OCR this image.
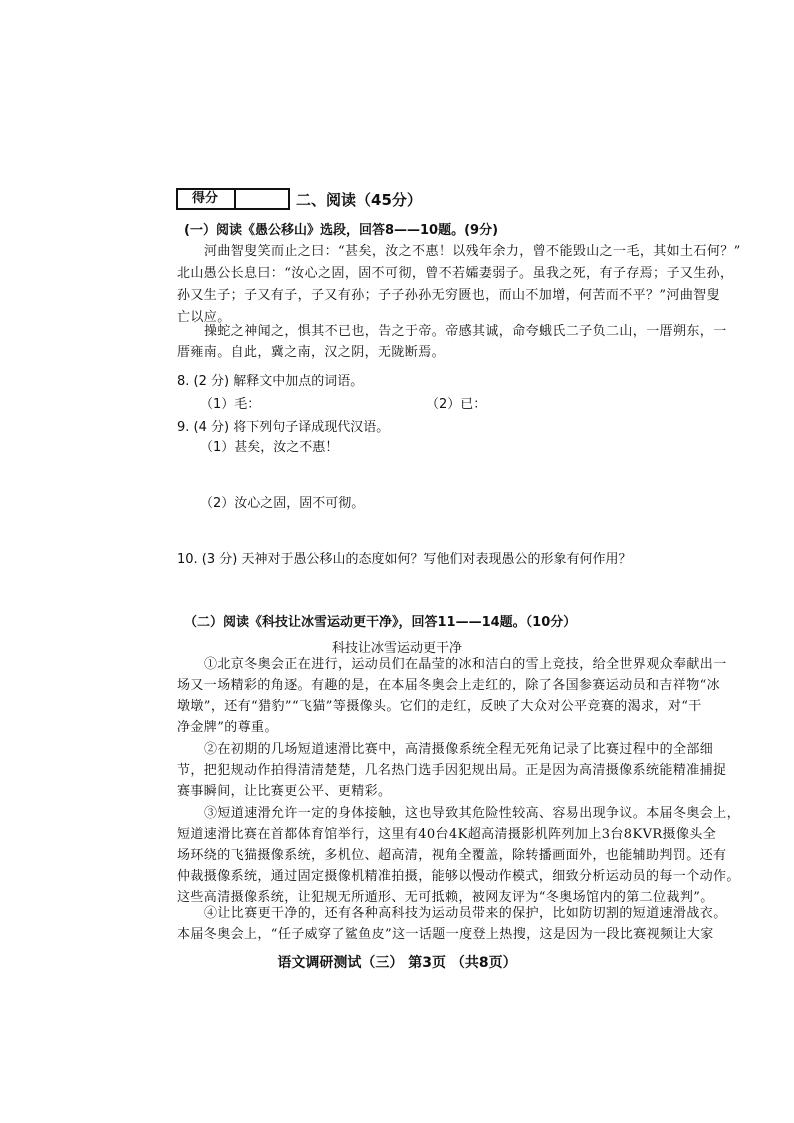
得分	二、阅读（45分）
(一）阅读《愚公移山》选段，回答8——10题。(9分)
河曲智叟笑而止之曰：“甚矣，汝之不惠！以残年余力，曾不能毁山之一毛，其如土石何？”
北山愚公长息曰：“汝心之固，固不可彻，曾不若孀妻弱子。虽我之死，有子存焉；子又生孙，
孙又生子；子又有子，子又有孙；子子孙孙无穷匮也，而山不加增，何苦而不平？”河曲智叟
亡以应。
操蛇之神闻之，惧其不已也，告之于帝。帝感其诚，命夸蛾氏二子负二山，一厝朔东，一
厝雍南。自此，冀之南，汉之阴，无陇断焉。
8. (2 分) 解释文中加点的词语。
（1）毛：	（2）已：
9. (4 分) 将下列句子译成现代汉语。
（1）甚矣，汝之不惠！
（2）汝心之固，固不可彻。
10. (3 分) 天神对于愚公移山的态度如何？写他们对表现愚公的形象有何作用？
（二）阅读《科技让冰雪运动更干净》，回答11——14题。（10分）
科技让冰雪运动更干净
①北京冬奥会正在进行，运动员们在晶莹的冰和洁白的雪上竞技，给全世界观众奉献出一
场又一场精彩的角逐。有趣的是，在本届冬奥会上走红的，除了各国参赛运动员和吉祥物“冰
墩墩”，还有“猎豹”“飞猫”等摄像头。它们的走红，反映了大众对公平竞赛的渴求，对“干
净金牌”的尊重。
②在初期的几场短道速滑比赛中，高清摄像系统全程无死角记录了比赛过程中的全部细
节，把犯规动作拍得清清楚楚，几名热门选手因犯规出局。正是因为高清摄像系统能精准捕捉
赛事瞬间，让比赛更公平、更精彩。
③短道速滑允许一定的身体接触，这也导致其危险性较高、容易出现争议。本届冬奥会上，
短道速滑比赛在首都体育馆举行，这里有40台4K超高清摄影机阵列加上3台8KVR摄像头全
场环绕的飞猫摄像系统，多机位、超高清，视角全覆盖，除转播画面外，也能辅助判罚。还有
仲裁摄像系统，通过固定摄像机精准拍摄，能够以慢动作模式，细致分析运动员的每一个动作。
这些高清摄像系统，让犯规无所遁形、无可抵赖，被网友评为“冬奥场馆内的第二位裁判”。
④让比赛更干净的，还有各种高科技为运动员带来的保护，比如防切割的短道速滑战衣。
本届冬奥会上，“任子威穿了鲨鱼皮”这一话题一度登上热搜，这是因为一段比赛视频让大家
语文调研测试（三） 第3页 （共8页）
